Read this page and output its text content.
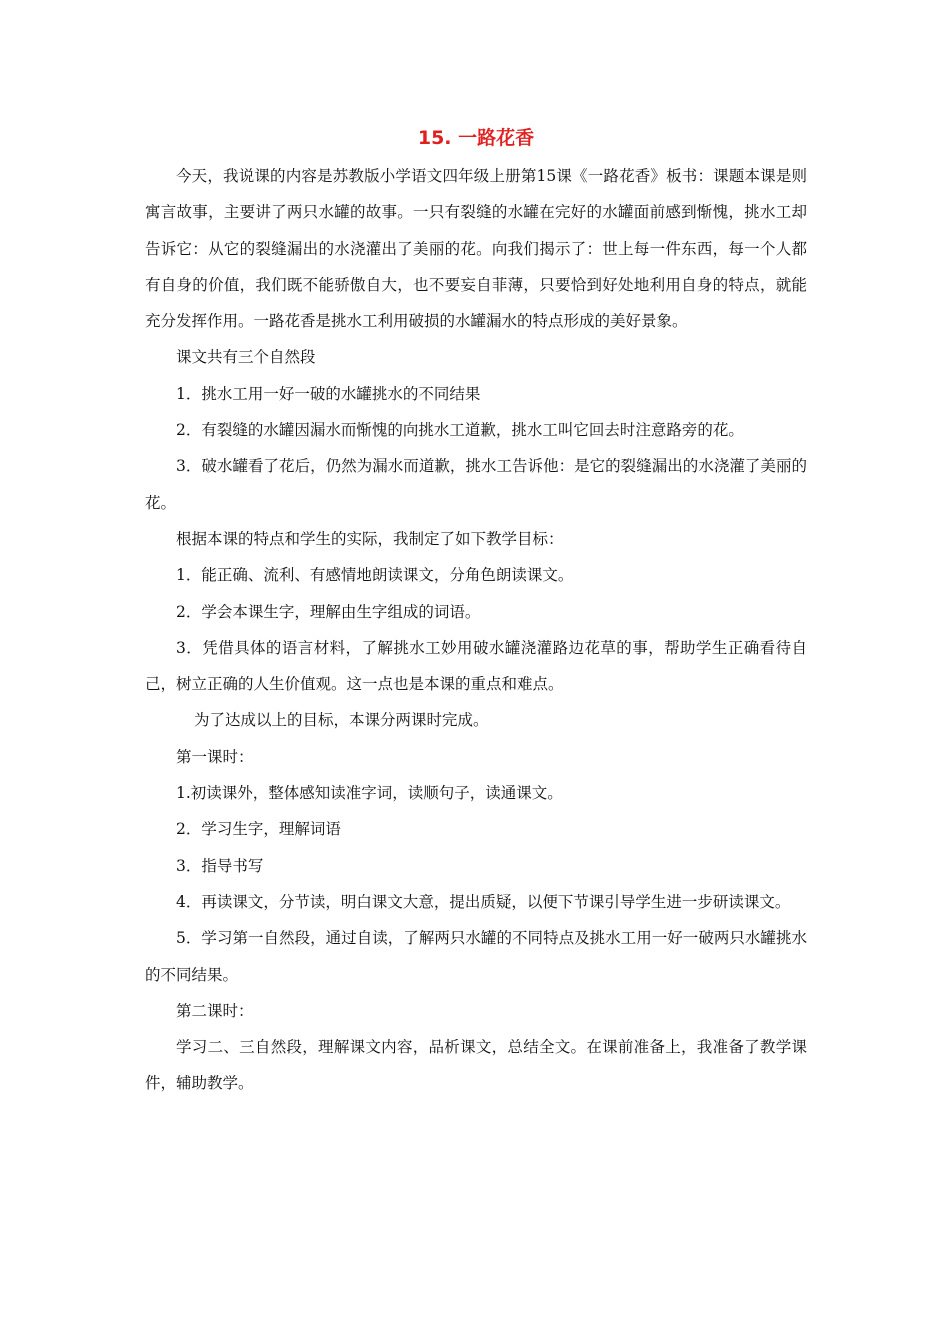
15. 一路花香

今天，我说课的内容是苏教版小学语文四年级上册第15课《一路花香》板书：课题本课是则寓言故事，主要讲了两只水罐的故事。一只有裂缝的水罐在完好的水罐面前感到惭愧，挑水工却告诉它：从它的裂缝漏出的水浇灌出了美丽的花。向我们揭示了：世上每一件东西，每一个人都有自身的价值，我们既不能骄傲自大，也不要妄自菲薄，只要恰到好处地利用自身的特点，就能充分发挥作用。一路花香是挑水工利用破损的水罐漏水的特点形成的美好景象。

课文共有三个自然段

1．挑水工用一好一破的水罐挑水的不同结果

2．有裂缝的水罐因漏水而惭愧的向挑水工道歉，挑水工叫它回去时注意路旁的花。

3．破水罐看了花后，仍然为漏水而道歉，挑水工告诉他：是它的裂缝漏出的水浇灌了美丽的花。

根据本课的特点和学生的实际，我制定了如下教学目标：

1．能正确、流利、有感情地朗读课文，分角色朗读课文。

2．学会本课生字，理解由生字组成的词语。

3．凭借具体的语言材料，了解挑水工妙用破水罐浇灌路边花草的事，帮助学生正确看待自己，树立正确的人生价值观。这一点也是本课的重点和难点。

为了达成以上的目标，本课分两课时完成。

第一课时：

1.初读课外，整体感知读准字词，读顺句子，读通课文。

2．学习生字，理解词语

3．指导书写

4．再读课文，分节读，明白课文大意，提出质疑，以便下节课引导学生进一步研读课文。

5．学习第一自然段，通过自读，了解两只水罐的不同特点及挑水工用一好一破两只水罐挑水的不同结果。

第二课时：

学习二、三自然段，理解课文内容，品析课文，总结全文。在课前准备上，我准备了教学课件，辅助教学。
